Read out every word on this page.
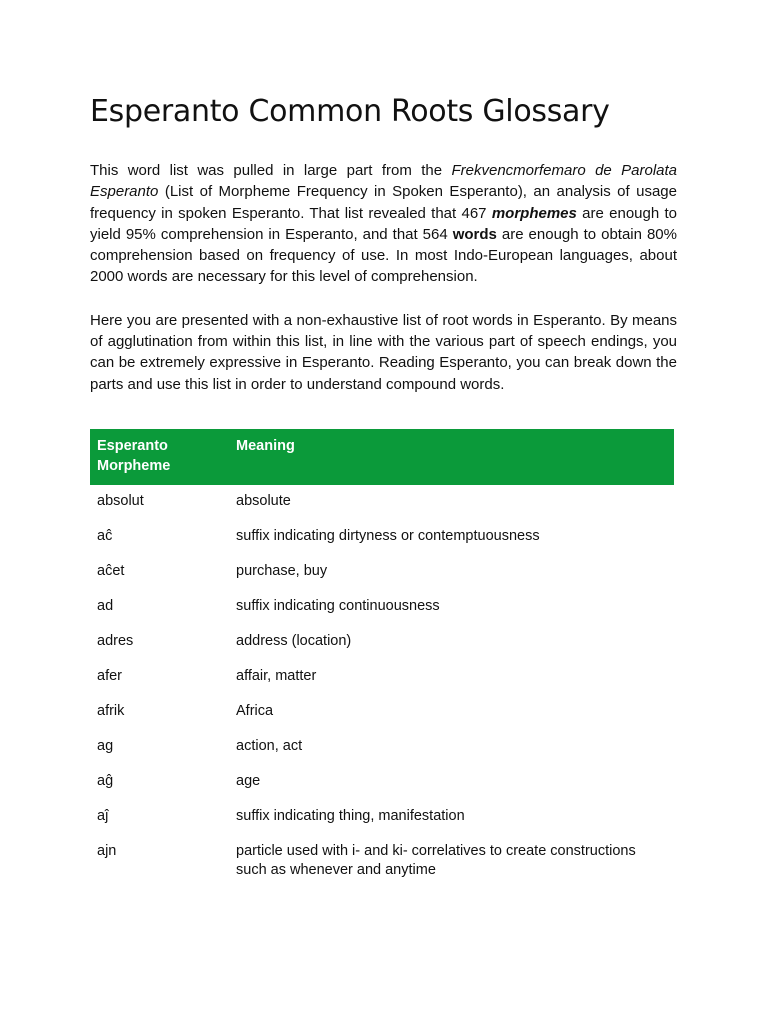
Esperanto Common Roots Glossary

This word list was pulled in large part from the Frekvencmorfemaro de Parolata Esperanto (List of Morpheme Frequency in Spoken Esperanto), an analysis of usage frequency in spoken Esperanto. That list revealed that 467 morphemes are enough to yield 95% comprehension in Esperanto, and that 564 words are enough to obtain 80% comprehension based on frequency of use. In most Indo-European languages, about 2000 words are necessary for this level of comprehension.

Here you are presented with a non-exhaustive list of root words in Esperanto. By means of agglutination from within this list, in line with the various part of speech endings, you can be extremely expressive in Esperanto. Reading Esperanto, you can break down the parts and use this list in order to understand compound words.

Esperanto Morpheme	Meaning
absolut	absolute
aĉ	suffix indicating dirtyness or contemptuousness
aĉet	purchase, buy
ad	suffix indicating continuousness
adres	address (location)
afer	affair, matter
afrik	Africa
ag	action, act
aĝ	age
aĵ	suffix indicating thing, manifestation
ajn	particle used with i- and ki- correlatives to create constructions such as whenever and anytime
